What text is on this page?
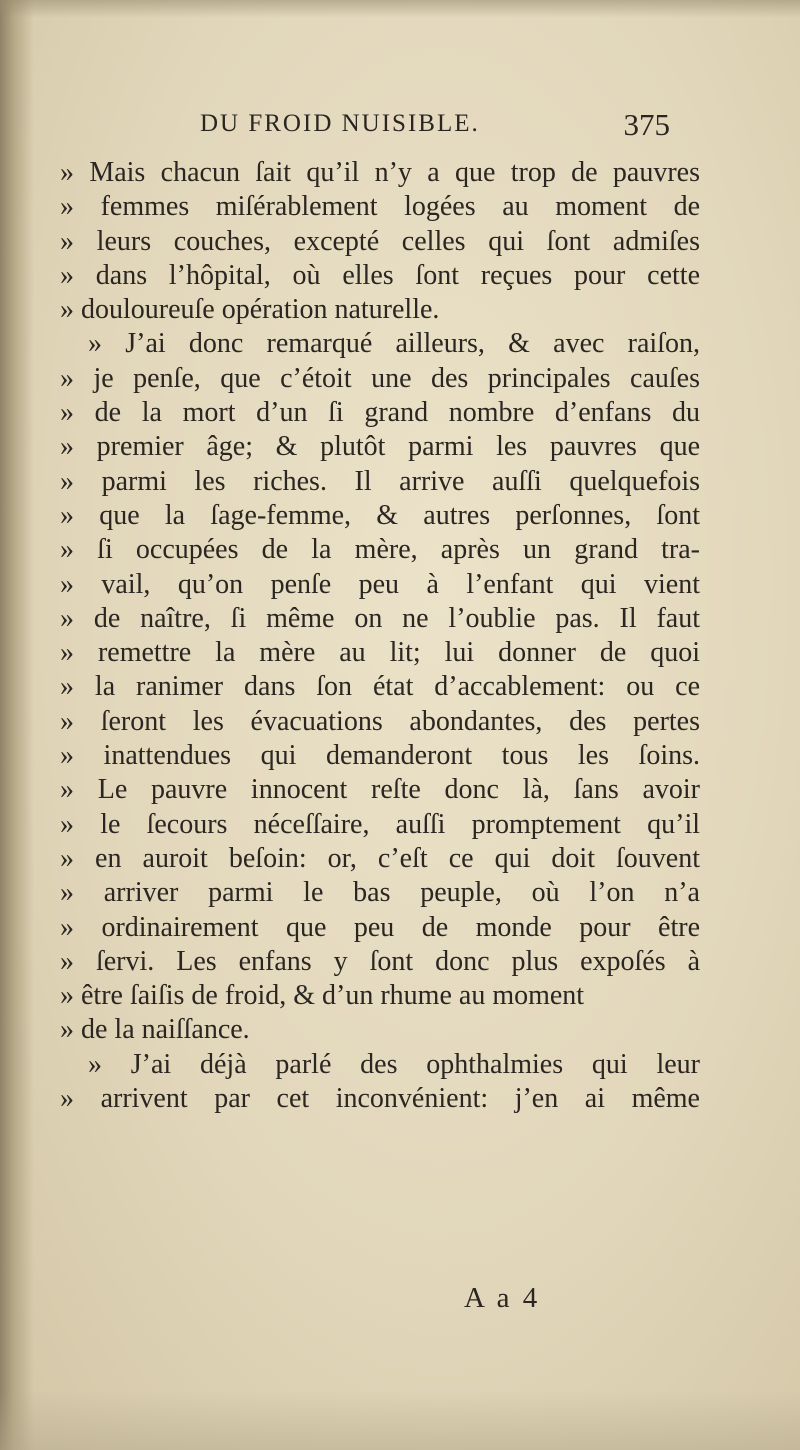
DU FROID NUISIBLE.	375
» Mais chacun ſait qu’il n’y a que trop de pauvres
» femmes miſérablement logées au moment de
» leurs couches, excepté celles qui ſont admiſes
» dans l’hôpital, où elles ſont reçues pour cette
» douloureuſe opération naturelle.
» J’ai donc remarqué ailleurs, & avec raiſon,
» je penſe, que c’étoit une des principales cauſes
» de la mort d’un ſi grand nombre d’enfans du
» premier âge; & plutôt parmi les pauvres que
» parmi les riches. Il arrive auſſi quelquefois
» que la ſage-femme, & autres perſonnes, ſont
» ſi occupées de la mère, après un grand tra-
» vail, qu’on penſe peu à l’enfant qui vient
» de naître, ſi même on ne l’oublie pas. Il faut
» remettre la mère au lit; lui donner de quoi
» la ranimer dans ſon état d’accablement: ou ce
» ſeront les évacuations abondantes, des pertes
» inattendues qui demanderont tous les ſoins.
» Le pauvre innocent reſte donc là, ſans avoir
» le ſecours néceſſaire, auſſi promptement qu’il
» en auroit beſoin: or, c’eſt ce qui doit ſouvent
» arriver parmi le bas peuple, où l’on n’a
» ordinairement que peu de monde pour être
» ſervi. Les enfans y ſont donc plus expoſés à
» être ſaiſis de froid, & d’un rhume au moment
» de la naiſſance.
» J’ai déjà parlé des ophthalmies qui leur
» arrivent par cet inconvénient: j’en ai même
A a 4
